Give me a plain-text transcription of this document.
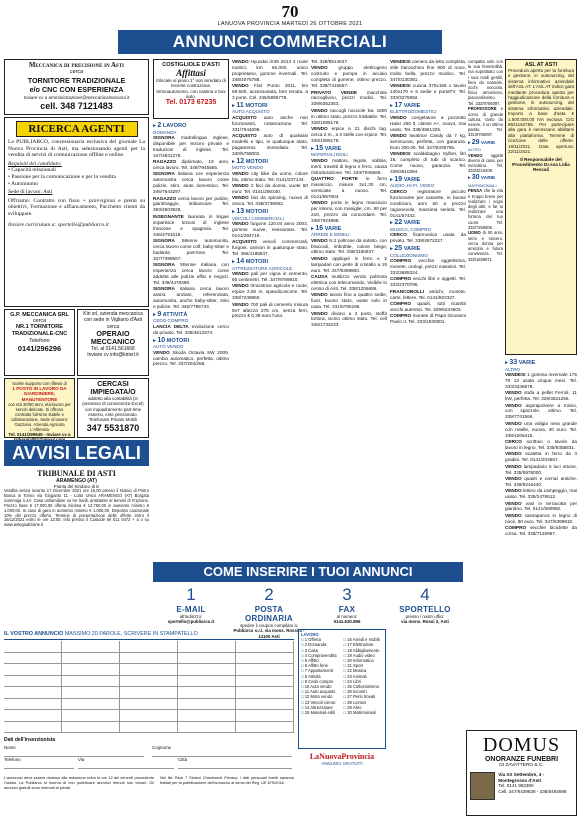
70
LANUOVA PROVINCIA MARTEDÌ 26 OTTOBRE 2021
ANNUNCI COMMERCIALI
Meccanica di precisione in Asti
cerca
TORNITORE TRADIZIONALE
e/o CNC CON ESPERIENZA
Inviare cv a amministrazione@meccanicamossoni.it
cell. 348 7121483
RICERCA AGENTI
La PUBLIARCO, concessionaria esclusiva del giornale La Nuova Provincia di Asti, ma selezionando agenti per la vendita di servizi di comunicazione offline e online.
Requisiti del candidato:
• Capacità relazionali
• Passione per la comunicazione e per la vendita
• Automunito
Sede di lavoro: Asti
Offriamo: Contratto con fisso + provvigioni e premi su obiettivi, Formazione e affiancamento, Pacchetto clienti da sviluppare.
Inviare curriculum a: sportello@publiarco.it
G.P. MECCANICA SRL
cerca
NR.1 TORNITORE TRADIZIONALE-CNC
Telefono
0141/296296
Kiri srl, azienda meccanica con sede in Vigliano d'Asti
cerca
OPERAIO MECCANICO
Tel. al 0141.561668
Inviare cv info@kirisrl.it
Scelte supporto con riflessi di
1 POSTO IN LAVORO DA GIARDINIERE, MANUTENTORE
con età 30/50 anni, età-lavoro per servizi delicate. Si offrono contratto full-time stabile e collaborazione. Sede di lavoro: Gazzano. Azienda Agricola L'Albereta
Tel. 0141/299949 - Inviare cv a
CERCASI IMPIEGATA/O
addetto alla contabilità (in possesso di conoscenza Excel) con inquadramento part-time esterno, ente pensionato. Telefonare Privato Mobili
347 5531870
AVVISI LEGALI
TRIBUNALE DI ASTI
ARAMENGO (AT)
Pianta del Sindaco di E
Vendita senza incanto 17 Dicembre 2021 ore 16,00 presso il Notaio di Pietro Busca in Torino via Gioganto 11 - Lotto Unico ARAMENGO (AT) Borgata Sommaja n.4A: Casa unifamiliare su tre livelli, antistante al termini di Frazione. Prezzo base € 17.000,00 offerta minima € 12.750,00 in aumento minimo € 1.000,00. In caso di gara in aumento minimo € 1.000,00. Deposito cauzionale 10% del prezzo offerto. Termine di presentazione delle offerte entro il 16/12/2021 entro le ore 12:00. Info presso il Custode tel 011 0472 + a o su www.astegiudiziarie.it
COSTIGLIOLE D'ASTI
Affittasi
trilocale al piano 1° non arredato di recente costruzione, termoautonomo, con cantina e box auto.
Tel. 0173 67235
▸ 2 LAVORO
DOMANDA

SIGNORA madrelingua inglese, disponibile per lezioni private e traduzioni di inglese. Tel. 347/4831278.

RAGAZZO diplomato, 19 anni, cerca lavoro. Tel. 349/7945565.

SIGNORA italiana con esperienza automunita cerca lavoro come pulizie, stiro, aiuto domestico. Tel. 346/7643297.

RAGAZZO cerca lavoro per pulizie, giardinaggio, imbiancare. Tel. 393/2603928.

INSEGNANTE laureata in lingue impartisce lezioni di inglese francese e spagnolo. Tel. 346/4791018.

SIGNORA 58enne automunita, cerca lavoro come colf, baby-sitter e badante, part-time. Tel. 327/7399567.

SIGNORA 50enne italiana con esperienza cerca lavoro come addetta alle pulizie uffici e negozi. Tel. 339/4478398.

SIGNORA italiana cerca lavoro assist. anziani, referenziata, automunita, anche baby-sitter, stiro e pulizie. Tel. 346/7785733.

▸ 9 ATTIVITÀ
CEDO COMPRO

LANCIA DELTA evoluzione cerco da privato. Tel. 338/4812974.

▸ 10 MOTORI
AUTO VENDO

VENDO Skoda Octavia SW 2009, cambio automatico, perfetta, ottimo prezzo. Tel. 337/204/268.

VENDO Hyundai iX35 2013 4 ruote motrici, km 65.000, unico proprietario, gomme invernali. Tel. 348/4076788.

VENDO Fiat Punto 2011, km 69.500, accessoriata, ben tenuta, a 3 porte. Cel. 345/6996778.

▸ 11 MOTORI
AUTO ACQUISTO

ACQUISTO auto anche non funzionanti, rottamazione. Tel. 331/7944098.

ACQUISTO auto di qualsiasi modello e tipo, in qualunque stato, pagamento immediato. Tel. 340/5758002.

▸ 12 MOTORI
MOTO VENDO

VENDO city bike da uomo, colore blu, ottimo stato. Tel. 0141/237134.

VENDO 2 bici da donna, vuote 50 euro. Tel. 0141/290340.

VENDO bici da spinning, nuova di zecca. Tel. 338/3738052.

▸ 13 MOTORI
VEICOLI COMMERCIALI

VENDO furgone 120.04 anno 2003, gomme nuove, revisionato. Tel. 0141/294719.

ACQUISTO veicoli commerciali, furgoni, camion in qualunque stato. Tel. 366/1185537.

▸ 14 MOTORI
ATTREZZATURE AGRICOLE

VENDO pali per vigna in cemento, 60 centimetri. Tel. 347/9769810.

VENDO trinciatrice agricola e ruote, erpice 2,50 m, spandiconcime. Tel. 338/7238950.

VENDO 700 pali di cemento misura 9x7 altezza 275 cm, senza ferri, prezzo € 0,38 euro l'uno.

Tel. 328/8514637.

VENDO gruppo elettrogeno costruito e pompa in acciaio completa di gomme, ottimo prezzo. Tel. 338/7416557.

PRIVATO VENDE macchine raccoglivino, prezzi modici. Tel. 339/6352363.

VENDO raccogli nocciole kw. 1800 in ottimo stato, prezzo trattabile. Tel. 328/1085178.

VENDO erpice a 21 dischi lag. cerca 2 m., a 3 stelle con erpice. Tel. 328/1085178.

▸ 15 VARIE
MATERIALI EDILI

VENDO mattoni, tegole, sabbia, inerti, travetti di legno e ferro, causa ristrutturazione. Tel. 334/7945666.

QUATTRO PORTE in ferro massiccio, misure 2x1,30 cm, verniciate a nuovo. Tel. 0141/957604.

VENDO porta in legno massiccio per interni, con maniglie, cm. 80 per 210, prezzo da concordare. Tel. 338/7924888.

▸ 16 VARIE
ARREDI E MOBILI

VENDO N.2 poltrone da salotto, con braccioli, imbottite, colore beige, ottimo stato. Tel. 338/3160837.

VENDO appliqué in ferro e 2 lampadari con perle di cristallo a 15 euro. Tel. 347/6399900.

CAUSA inutilizzo vendo poltrona elettrica con telecomando. Visibile in centro di Asti. Tel. 338/1206686.

VENDO tavolo fino a quattro sedie, fuori, buono stato, usate solo in casa. Tel. 331/6786196.

VENDO divano a 2 posti, stoffa tortora, vicino ottimo stato. Tel. cell 345/1734233.

VENDESI camera da letto completa, stile barocchino fine 800 di noce, molto bella, prezzo modico. Tel. 347/0130381.

VENDESI cucina 375x155 x tavolo 140x170 e 6 sedie e portaTV. Tel. 333/3275992.

▸ 17 VARIE
ELETTRODOMESTICI

VENDO congelatore a pozzetto Haier 250 lt, classe A+, nuovo, mai usato. Tel. 338/4561325.

VENDO lavatrice Candy da 7 kg, seminuova, perfetta, con garanzia. Euro 200,00. Tel. 347/6339766.

VENDESI scaldabagno Sylber, litri 15, completo di tubi di scarico. Come nuovo, garanzia. Tel. 339/2910394.

▸ 19 VARIE
AUDIO, HI-FI, VIDEO

CERCO registratore piccolo funzionante per cassette, in buone condizioni, anni 60 a prezzo ragionevole, massima serietà. Tel. 0141/57442.

▸ 22 VARIE
MUSICA, COMPRO

CERCO fisarmonica usata da privato. Tel. 338/4872227.

▸ 25 VARIE
COLLEZIONISMO

COMPRO vecchia oggettistica, monete, orologi, prezzi massimi. Tel. 333/3685324.

COMPRO vecchi libri e oggetti. Tel. 333/2370795.

FRANCOBOLLI antichi, monete, carte, lettere. Tel. 0141/603327.

COMPRO quadri, tutti ricambi vecchi autentici. Tel. 329/6243603.

COMPRO monete di Papa Giovanni Paolo II. Tel. 333/1830001.

ASL AT ASTI
Procedura aperta per la fornitura e gestione, in outsourcing, del sistema informativo aziendale dell'ASL AT. L'ASL AT indice gara mediante procedura aperta per l'aggiudicazione della fornitura e gestione, in outsourcing, del sistema informativo aziendale. Importo a base d'asta € 1.500.000,00 IVA esclusa. CIG 8921162765. Per partecipare alla gara è necessario abilitarsi alla piattaforma. Termine di ricezione delle offerte: 19/11/2021. Data apertura: 22/11/2021.
Il Responsabile del Procedimento Dr.ssa Lidia Rescali
▸ 33 VARIE
ALTRO

VENDESI 1 gomma invernale 175 70 13 usata cinque mesi. Tel. 333/3246578.

VENDO stufa a pellet Ferroli, 11 kW, perfetta. Tel. 329/4821256.

VENDO aspirapolvere a traino, con spazzole, ottimo. Tel. 339/7741566.

VENDO una valigia nera grande con rotelle, nuova, 30 euro. Tel. 338/4206415.

CERCO scrittoio o tavolo da lavoro in legno. Tel. 335/9358831.

VENDO scaletta in ferro da 3 gradini. Tel. 0141/203657.

VENDO lampadario 5 luci ottone. Tel. 335/5978000.

VENDO quadri e cornici antiche. Tel. 348/9216440.

VENDO lettino da campeggio, mai usato. Tel. 339/2476512.

VENDO vasi in terracotta per giardino. Tel. 0141/590882.

VENDO cassapanca in legno di noce, 80 euro. Tel. 347/6399810.

COMPRO vecchie biciclette da corsa. Tel. 338/7126967.

compatta solo con la sua femminilità, ma soprattutto con i suoi modi gentili, fiera da naturale, occhi nocciola, fisico armonioso, piacevolissimo. Tel. 333/9756097.

PROFESSORE e uomo di grande cultura, tanto da essere, è un ottimo partito. Tel. 331/9706097.

▸ 29 VARIE
ALTRO

VENDO oggetti diversi di casa, per mercatino. Tel. 333/3218209.

▸ 30 VARIE
MATRIMONIALI

PENSA che la vita è troppo breve per realizzare i sogni degli altri, e far tu realizzare una fortuna del tuo cuore. Tel. 333/7259806.

UOMO di 50 anni, serio e sincero, cerca donna per amicizia e futura convivenza. Tel. 333/1839871.

COME INSERIRE I TUOI ANNUNCI
1
E-MAIL
all'indirizzo:
sportello@publiarco.it
2
POSTA ORDINARIA
spedire il coupon compilato a:
Publiarco s.r.l. via mons. Rossi 3 - 14100 Asti
3
FAX
al numero:
0141.530.896
4
SPORTELLO
presso i nostri uffici:
via mons. Rossi 3, Asti
IL VOSTRO ANNUNCIO MASSIMO 20 PAROLE, SCRIVERE IN STAMPATELLO
Dati dell'inserzionista
Nome	Cognome
Telefono	Via	Città
L'annuncio deve essere rimesso alla redazione entro le ore 12 del venerdì precedente l'uscita. La Publiarco si riserva di non pubblicare annunci ritenuti non idonei. Gli annunci gratuiti sono riservati ai privati.
Nel file Pack 7 Sintesi Chiarimenti Privacy: i dati personali forniti saranno trattati per la pubblicazione dell'annuncio ai sensi del Reg. UE 679/2016.
LAVORO
□ 1 Offerta
□ 2 Domanda
□ 3 Casa
□ 4 Compravendita
□ 5 Affitto
□ 6 Affitto ferie
□ 7 Appartamenti
□ 8 Attività
□ 9 Cedo compro
□ 10 Auto vendo
□ 11 Auto acquisto
□ 12 Moto vendo
□ 13 Veicoli comm.
□ 14 Attrezzature
□ 15 Materiali edili
□ 16 Arredi e mobili
□ 17 Elettrodom.
□ 18 Abbigliamento
□ 19 Audio video
□ 20 Informatica
□ 21 Sport
□ 22 Musica
□ 23 Animali
□ 24 Libri
□ 25 Collezionismo
□ 26 Incontri
□ 27 Persi trovati
□ 28 Lezioni
□ 29 Altro
□ 30 Matrimoniali
LaNuovaProvincia
ANNUNCI GRATUITI
DOMUS
ONORANZE FUNEBRI
DI ZAVATTERO & C.
Via XX Settembre, 4 - Montegrosso d'Asti
Tel. 0141 953390
Cell. 347/6439828 - 338/5484698
